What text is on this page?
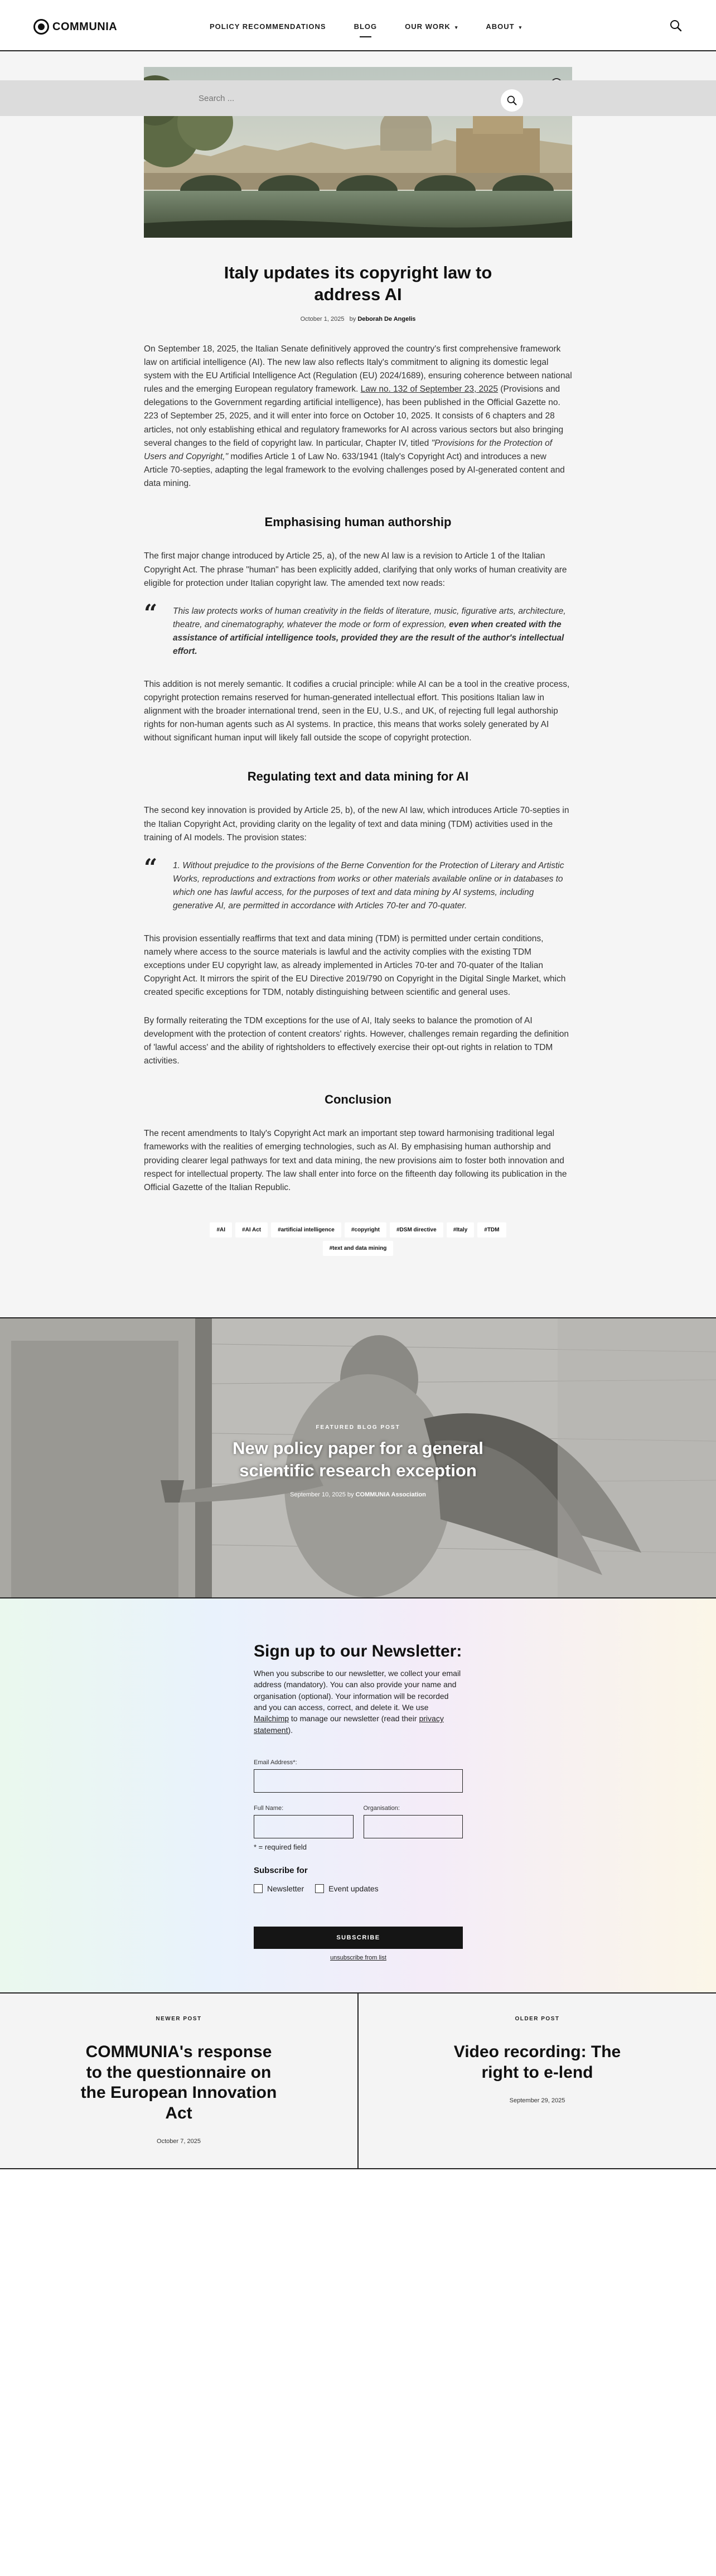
COMMUNIA	POLICY RECOMMENDATIONS	BLOG	OUR WORK ▾	ABOUT ▾
Search ...
Italy updates its copyright law to address AI
October 1, 2025 by Deborah De Angelis

On September 18, 2025, the Italian Senate definitively approved the country's first comprehensive framework law on artificial intelligence (AI). The new law also reflects Italy's commitment to aligning its domestic legal system with the EU Artificial Intelligence Act (Regulation (EU) 2024/1689), ensuring coherence between national rules and the emerging European regulatory framework. Law no. 132 of September 23, 2025 (Provisions and delegations to the Government regarding artificial intelligence), has been published in the Official Gazette no. 223 of September 25, 2025, and it will enter into force on October 10, 2025. It consists of 6 chapters and 28 articles, not only establishing ethical and regulatory frameworks for AI across various sectors but also bringing several changes to the field of copyright law. In particular, Chapter IV, titled "Provisions for the Protection of Users and Copyright," modifies Article 1 of Law No. 633/1941 (Italy's Copyright Act) and introduces a new Article 70-septies, adapting the legal framework to the evolving challenges posed by AI-generated content and data mining.

Emphasising human authorship

The first major change introduced by Article 25, a), of the new AI law is a revision to Article 1 of the Italian Copyright Act. The phrase "human" has been explicitly added, clarifying that only works of human creativity are eligible for protection under Italian copyright law. The amended text now reads:

“ This law protects works of human creativity in the fields of literature, music, figurative arts, architecture, theatre, and cinematography, whatever the mode or form of expression, even when created with the assistance of artificial intelligence tools, provided they are the result of the author's intellectual effort.

This addition is not merely semantic. It codifies a crucial principle: while AI can be a tool in the creative process, copyright protection remains reserved for human-generated intellectual effort. This positions Italian law in alignment with the broader international trend, seen in the EU, U.S., and UK, of rejecting full legal authorship rights for non-human agents such as AI systems. In practice, this means that works solely generated by AI without significant human input will likely fall outside the scope of copyright protection.

Regulating text and data mining for AI

The second key innovation is provided by Article 25, b), of the new AI law, which introduces Article 70-septies in the Italian Copyright Act, providing clarity on the legality of text and data mining (TDM) activities used in the training of AI models. The provision states:

“ 1. Without prejudice to the provisions of the Berne Convention for the Protection of Literary and Artistic Works, reproductions and extractions from works or other materials available online or in databases to which one has lawful access, for the purposes of text and data mining by AI systems, including generative AI, are permitted in accordance with Articles 70-ter and 70-quater.

This provision essentially reaffirms that text and data mining (TDM) is permitted under certain conditions, namely where access to the source materials is lawful and the activity complies with the existing TDM exceptions under EU copyright law, as already implemented in Articles 70-ter and 70-quater of the Italian Copyright Act. It mirrors the spirit of the EU Directive 2019/790 on Copyright in the Digital Single Market, which created specific exceptions for TDM, notably distinguishing between scientific and general uses.

By formally reiterating the TDM exceptions for the use of AI, Italy seeks to balance the promotion of AI development with the protection of content creators' rights. However, challenges remain regarding the definition of 'lawful access' and the ability of rightsholders to effectively exercise their opt-out rights in relation to TDM activities.

Conclusion

The recent amendments to Italy's Copyright Act mark an important step toward harmonising traditional legal frameworks with the realities of emerging technologies, such as AI. By emphasising human authorship and providing clearer legal pathways for text and data mining, the new provisions aim to foster both innovation and respect for intellectual property. The law shall enter into force on the fifteenth day following its publication in the Official Gazette of the Italian Republic.

#AI	#AI Act	#artificial intelligence	#copyright	#DSM directive	#Italy	#TDM
#text and data mining
FEATURED BLOG POST
New policy paper for a general scientific research exception
September 10, 2025 by COMMUNIA Association
Sign up to our Newsletter:

When you subscribe to our newsletter, we collect your email address (mandatory). You can also provide your name and organisation (optional). Your information will be recorded and you can access, correct, and delete it. We use Mailchimp to manage our newsletter (read their privacy statement).

Email Address*:
Full Name:	Organisation:
* = required field
Subscribe for
Newsletter	Event updates
SUBSCRIBE
unsubscribe from list
NEWER POST
COMMUNIA's response to the questionnaire on the European Innovation Act
October 7, 2025
OLDER POST
Video recording: The right to e-lend
September 29, 2025
